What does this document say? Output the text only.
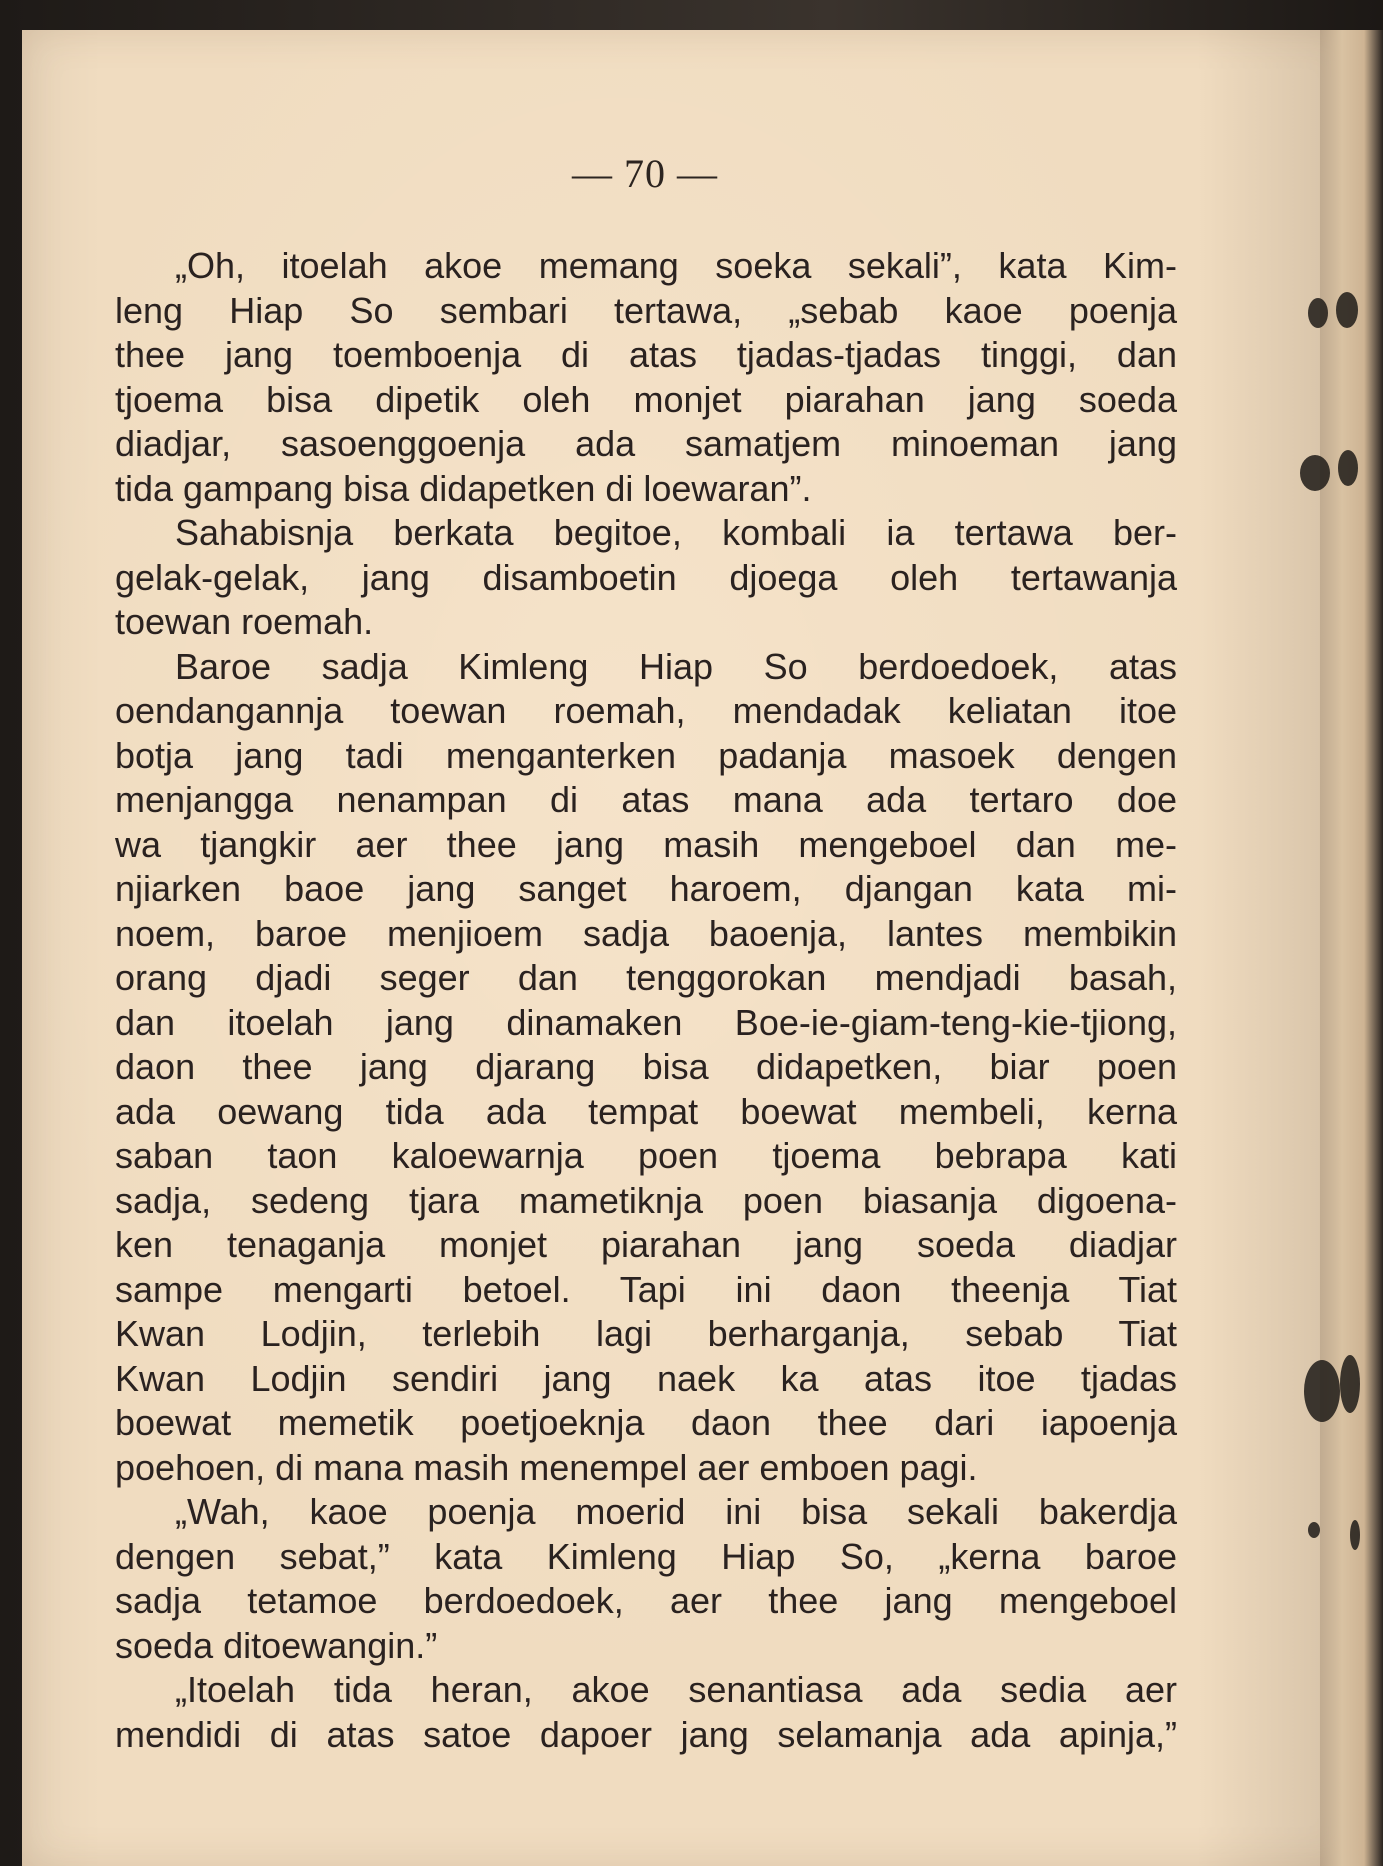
— 70 —
„Oh, itoelah akoe memang soeka sekali”, kata Kim-
leng Hiap So sembari tertawa, „sebab kaoe poenja
thee jang toemboenja di atas tjadas-tjadas tinggi, dan
tjoema bisa dipetik oleh monjet piarahan jang soeda
diadjar, sasoenggoenja ada samatjem minoeman jang
tida gampang bisa didapetken di loewaran”.
Sahabisnja berkata begitoe, kombali ia tertawa ber-
gelak-gelak, jang disamboetin djoega oleh tertawanja
toewan roemah.
Baroe sadja Kimleng Hiap So berdoedoek, atas
oendangannja toewan roemah, mendadak keliatan itoe
botja jang tadi menganterken padanja masoek dengen
menjangga nenampan di atas mana ada tertaro doe
wa tjangkir aer thee jang masih mengeboel dan me-
njiarken baoe jang sanget haroem, djangan kata mi-
noem, baroe menjioem sadja baoenja, lantes membikin
orang djadi seger dan tenggorokan mendjadi basah,
dan itoelah jang dinamaken Boe-ie-giam-teng-kie-tjiong,
daon thee jang djarang bisa didapetken, biar poen
ada oewang tida ada tempat boewat membeli, kerna
saban taon kaloewarnja poen tjoema bebrapa kati
sadja, sedeng tjara mametiknja poen biasanja digoena-
ken tenaganja monjet piarahan jang soeda diadjar
sampe mengarti betoel. Tapi ini daon theenja Tiat
Kwan Lodjin, terlebih lagi berharganja, sebab Tiat
Kwan Lodjin sendiri jang naek ka atas itoe tjadas
boewat memetik poetjoeknja daon thee dari iapoenja
poehoen, di mana masih menempel aer emboen pagi.
„Wah, kaoe poenja moerid ini bisa sekali bakerdja
dengen sebat,” kata Kimleng Hiap So, „kerna baroe
sadja tetamoe berdoedoek, aer thee jang mengeboel
soeda ditoewangin.”
„Itoelah tida heran, akoe senantiasa ada sedia aer
mendidi di atas satoe dapoer jang selamanja ada apinja,”
